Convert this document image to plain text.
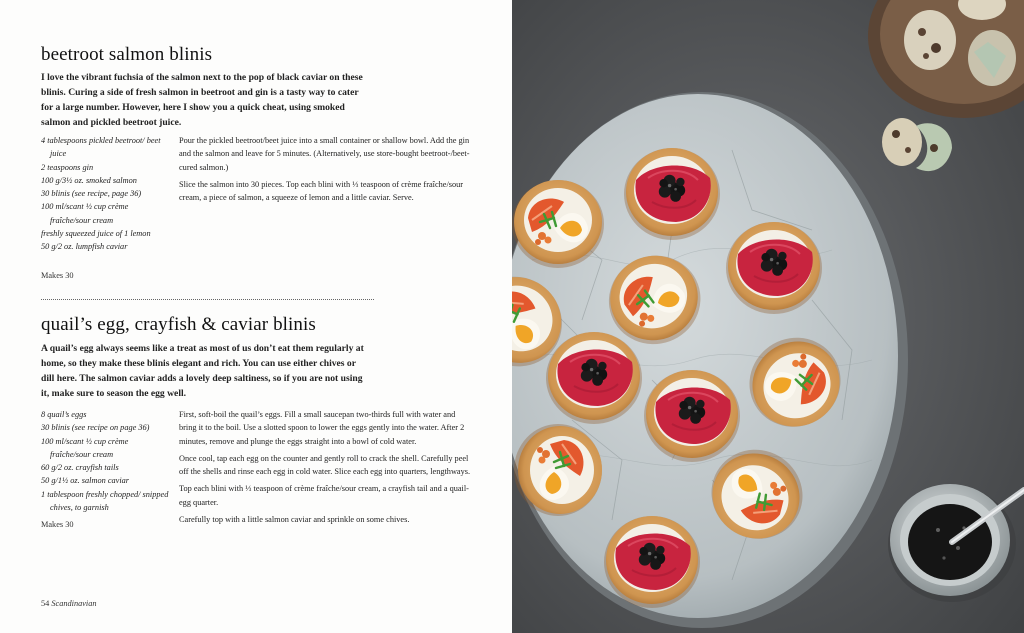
beetroot salmon blinis

I love the vibrant fuchsia of the salmon next to the pop of black caviar on these blinis. Curing a side of fresh salmon in beetroot and gin is a tasty way to cater for a large number. However, here I show you a quick cheat, using smoked salmon and pickled beetroot juice.

4 tablespoons pickled beetroot/ beet juice
2 teaspoons gin
100 g/3½ oz. smoked salmon
30 blinis (see recipe, page 36)
100 ml/scant ½ cup crème fraîche/sour cream
freshly squeezed juice of 1 lemon
50 g/2 oz. lumpfish caviar
Makes 30

Pour the pickled beetroot/beet juice into a small container or shallow bowl. Add the gin and the salmon and leave for 5 minutes. (Alternatively, use store-bought beetroot-/beet-cured salmon.)

Slice the salmon into 30 pieces. Top each blini with ⅓ teaspoon of crème fraîche/sour cream, a piece of salmon, a squeeze of lemon and a little caviar. Serve.

quail’s egg, crayfish & caviar blinis

A quail’s egg always seems like a treat as most of us don’t eat them regularly at home, so they make these blinis elegant and rich. You can use either chives or dill here. The salmon caviar adds a lovely deep saltiness, so if you are not using it, make sure to season the egg well.

8 quail’s eggs
30 blinis (see recipe on page 36)
100 ml/scant ½ cup crème fraîche/sour cream
60 g/2 oz. crayfish tails
50 g/1½ oz. salmon caviar
1 tablespoon freshly chopped/ snipped chives, to garnish
Makes 30

First, soft-boil the quail’s eggs. Fill a small saucepan two-thirds full with water and bring it to the boil. Use a slotted spoon to lower the eggs gently into the water. After 2 minutes, remove and plunge the eggs straight into a bowl of cold water.

Once cool, tap each egg on the counter and gently roll to crack the shell. Carefully peel off the shells and rinse each egg in cold water. Slice each egg into quarters, lengthways.

Top each blini with ⅓ teaspoon of crème fraîche/sour cream, a crayfish tail and a quail-egg quarter.

Carefully top with a little salmon caviar and sprinkle on some chives.

54 Scandinavian
